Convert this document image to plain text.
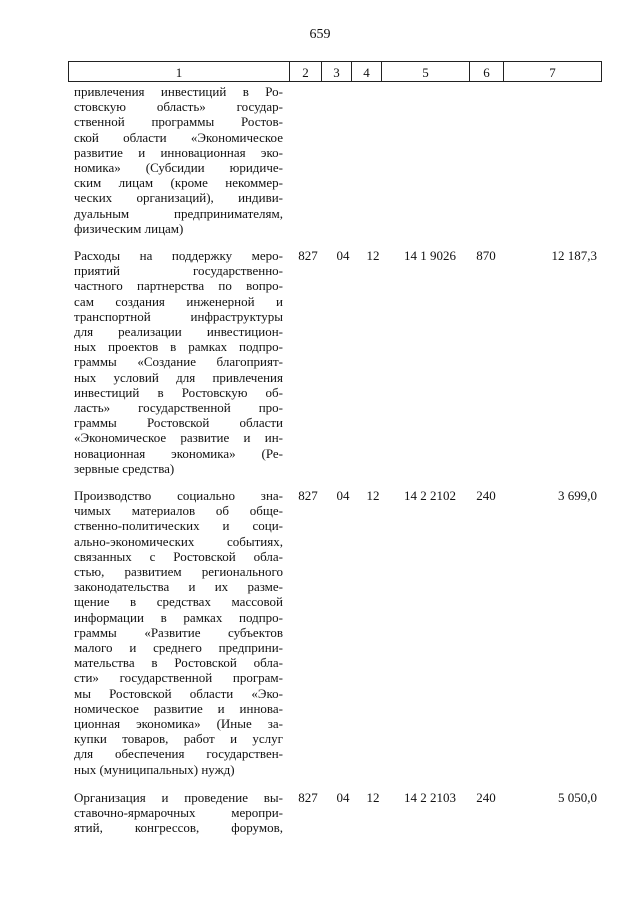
659
1	2	3	4	5	6	7
привлечения инвестиций в Ро-
стовскую область» государ-
ственной программы Ростов-
ской области «Экономическое
развитие и инновационная эко-
номика» (Субсидии юридиче-
ским лицам (кроме некоммер-
ческих организаций), индиви-
дуальным предпринимателям,
физическим лицам)
Расходы на поддержку меро-
приятий государственно-
частного партнерства по вопро-
сам создания инженерной и
транспортной инфраструктуры
для реализации инвестицион-
ных проектов в рамках подпро-
граммы «Создание благоприят-
ных условий для привлечения
инвестиций в Ростовскую об-
ласть» государственной про-
граммы Ростовской области
«Экономическое развитие и ин-
новационная экономика» (Ре-
зервные средства)
827	04	12	14 1 9026	870	12 187,3
Производство социально зна-
чимых материалов об обще-
ственно-политических и соци-
ально-экономических событиях,
связанных с Ростовской обла-
стью, развитием регионального
законодательства и их разме-
щение в средствах массовой
информации в рамках подпро-
граммы «Развитие субъектов
малого и среднего предприни-
мательства в Ростовской обла-
сти» государственной програм-
мы Ростовской области «Эко-
номическое развитие и иннова-
ционная экономика» (Иные за-
купки товаров, работ и услуг
для обеспечения государствен-
ных (муниципальных) нужд)
827	04	12	14 2 2102	240	3 699,0
Организация и проведение вы-
ставочно-ярмарочных меропри-
ятий, конгрессов, форумов,
827	04	12	14 2 2103	240	5 050,0
